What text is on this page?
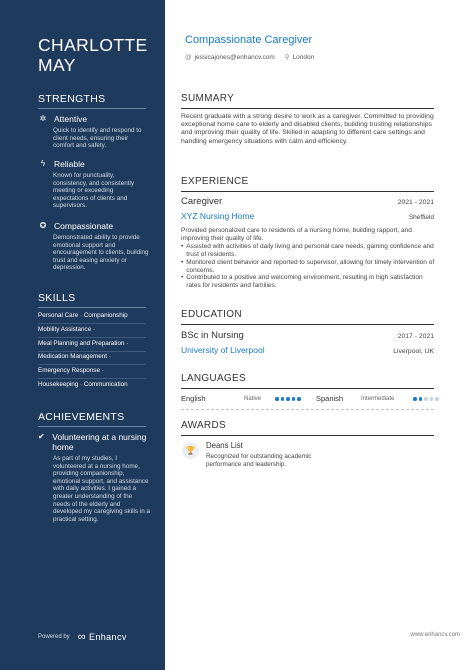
CHARLOTTE
MAY
STRENGTHS
✲ Attentive
Quick to identify and respond to client needs, ensuring their comfort and safety.
ϟ	Reliable
Known for punctuality, consistency, and consistently meeting or exceeding expectations of clients and supervisors.
✪ Compassionate
Demonstrated ability to provide emotional support and encouragement to clients, building trust and easing anxiety or depression.
SKILLS
Personal Care · Companionship
Mobility Assistance ·
Meal Planning and Preparation ·
Medication Management ·
Emergency Response ·
Housekeeping · Communication
ACHIEVEMENTS
✔ Volunteering at a nursing home
As part of my studies, I volunteered at a nursing home, providing companionship, emotional support, and assistance with daily activities. I gained a greater understanding of the needs of the elderly and developed my caregiving skills in a practical setting.
Powered by ∞ Enhancv
Compassionate Caregiver
@ jessicajones@enhancv.com ⚲ London
SUMMARY
Recent graduate with a strong desire to work as a caregiver. Committed to providing exceptional home care to elderly and disabled clients, building trusting relationships and improving their quality of life. Skilled in adapting to different care settings and handling emergency situations with calm and efficiency.
EXPERIENCE
Caregiver	2021 - 2021
XYZ Nursing Home	Sheffield
Provided personalized care to residents of a nursing home, building rapport, and improving their quality of life.
• Assisted with activities of daily living and personal care needs, gaining confidence and trust of residents.
• Monitored client behavior and reported to supervisor, allowing for timely intervention of concerns.
• Contributed to a positive and welcoming environment, resulting in high satisfaction rates for residents and families.
EDUCATION
BSc in Nursing	2017 - 2021
University of Liverpool	Liverpool, UK
LANGUAGES
English	Native	Spanish	Intermediate
AWARDS
🏆
Deans List
Recognized for outstanding academic performance and leadership.
www.enhancv.com
